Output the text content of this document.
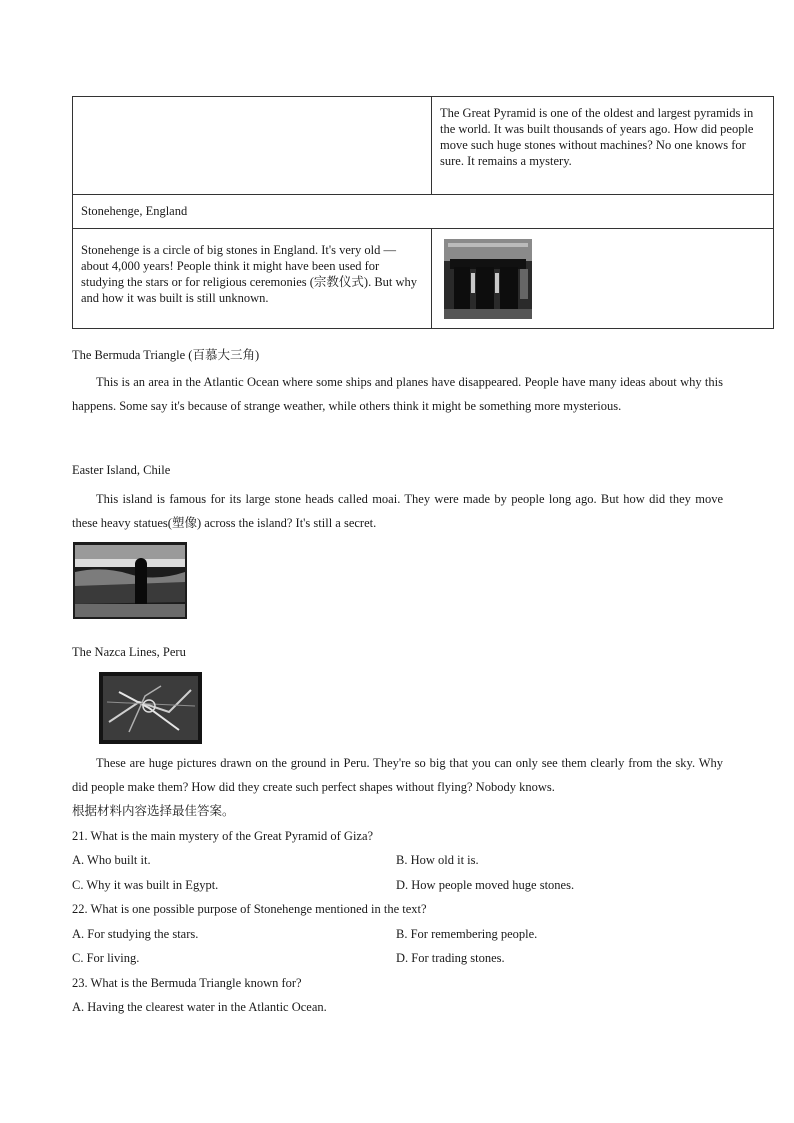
	The Great Pyramid is one of the oldest and largest pyramids in the world. It was built thousands of years ago. How did people move such huge stones without machines? No one knows for sure. It remains a mystery.
Stonehenge, England	
Stonehenge is a circle of big stones in England. It's very old — about 4,000 years! People think it might have been used for studying the stars or for religious ceremonies (宗教仪式). But why and how it was built is still unknown.	

The Bermuda Triangle (百慕大三角)

This is an area in the Atlantic Ocean where some ships and planes have disappeared. People have many ideas about why this happens. Some say it's because of strange weather, while others think it might be something more mysterious.

Easter Island, Chile

This island is famous for its large stone heads called moai. They were made by people long ago. But how did they move these heavy statues(塑像) across the island? It's still a secret.

The Nazca Lines, Peru

These are huge pictures drawn on the ground in Peru. They're so big that you can only see them clearly from the sky. Why did people make them? How did they create such perfect shapes without flying? Nobody knows.

根据材料内容选择最佳答案。

21. What is the main mystery of the Great Pyramid of Giza?

A. Who built it.	B. How old it is.
C. Why it was built in Egypt.	D. How people moved huge stones.

22. What is one possible purpose of Stonehenge mentioned in the text?

A. For studying the stars.	B. For remembering people.
C. For living.	D. For trading stones.

23. What is the Bermuda Triangle known for?

A. Having the clearest water in the Atlantic Ocean.
